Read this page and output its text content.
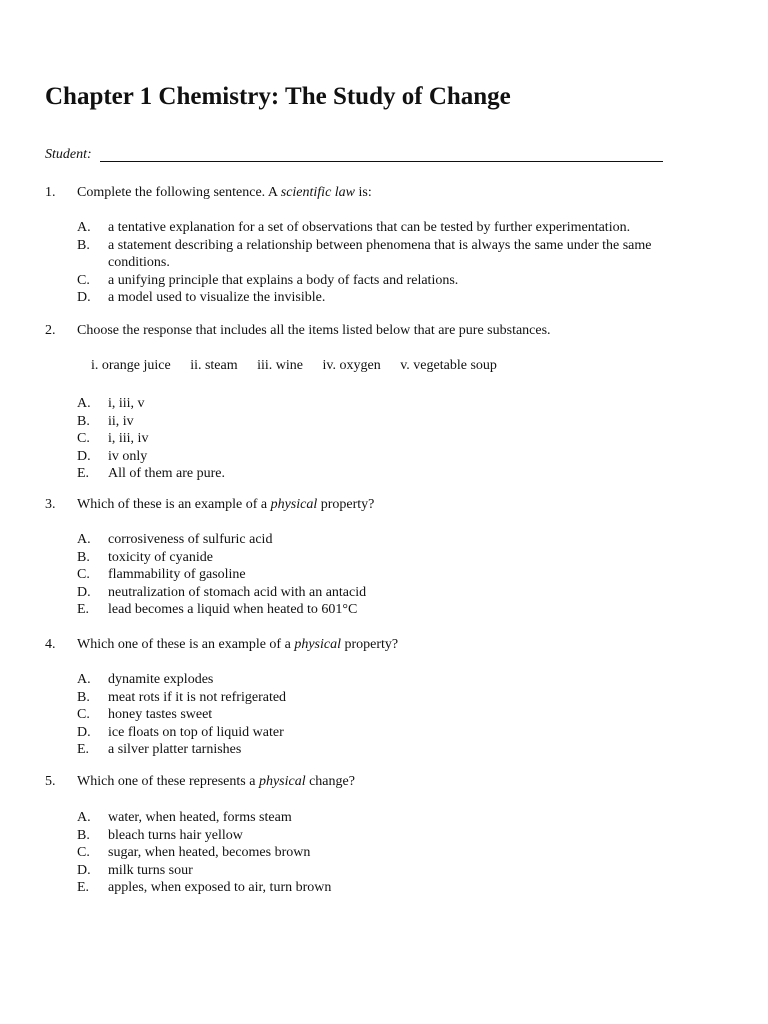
Chapter 1 Chemistry: The Study of Change
Student:
1. Complete the following sentence. A scientific law is:
A. a tentative explanation for a set of observations that can be tested by further experimentation.
B. a statement describing a relationship between phenomena that is always the same under the same conditions.
C. a unifying principle that explains a body of facts and relations.
D. a model used to visualize the invisible.
2. Choose the response that includes all the items listed below that are pure substances.
i. orange juice ii. steam iii. wine iv. oxygen v. vegetable soup
A. i, iii, v
B. ii, iv
C. i, iii, iv
D. iv only
E. All of them are pure.
3. Which of these is an example of a physical property?
A. corrosiveness of sulfuric acid
B. toxicity of cyanide
C. flammability of gasoline
D. neutralization of stomach acid with an antacid
E. lead becomes a liquid when heated to 601°C
4. Which one of these is an example of a physical property?
A. dynamite explodes
B. meat rots if it is not refrigerated
C. honey tastes sweet
D. ice floats on top of liquid water
E. a silver platter tarnishes
5. Which one of these represents a physical change?
A. water, when heated, forms steam
B. bleach turns hair yellow
C. sugar, when heated, becomes brown
D. milk turns sour
E. apples, when exposed to air, turn brown
